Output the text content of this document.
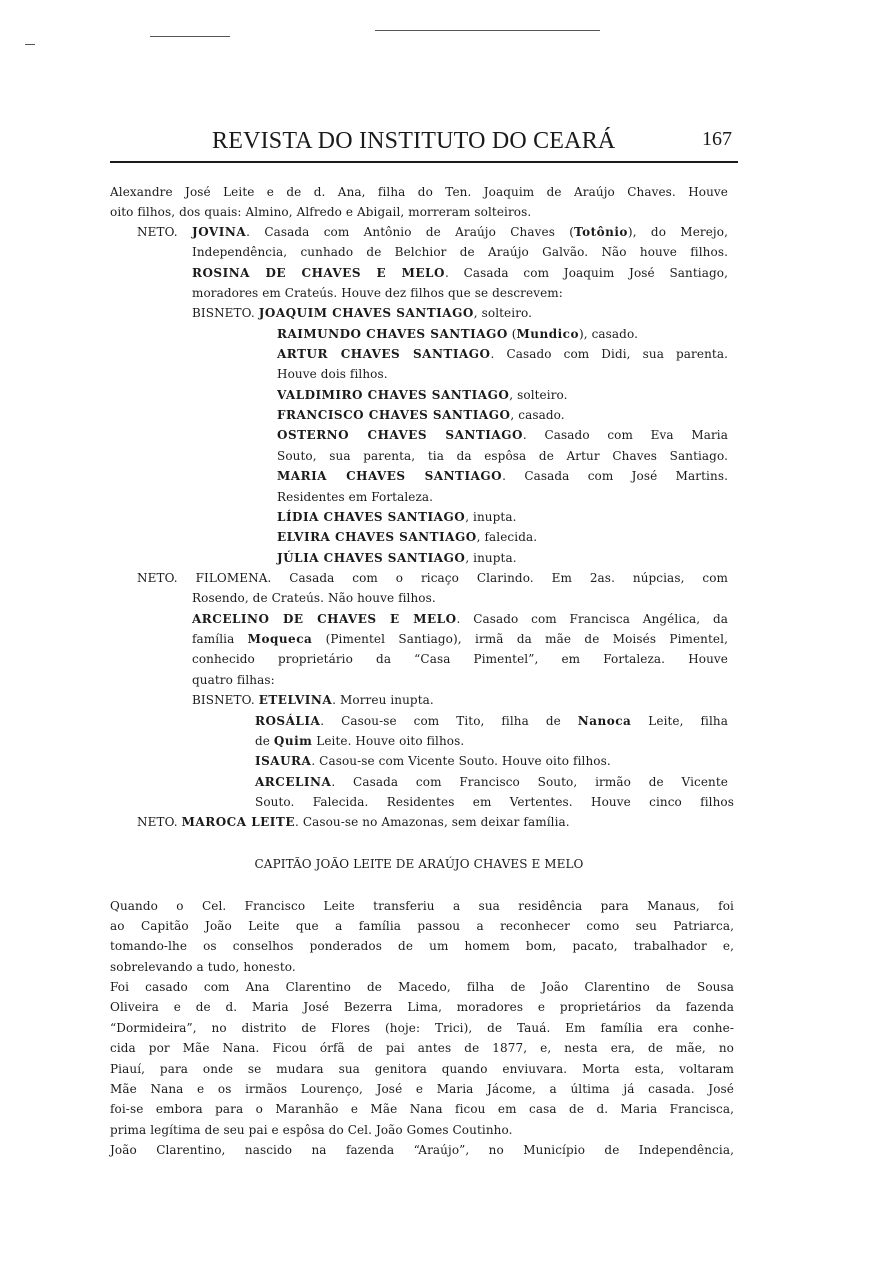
REVISTA DO INSTITUTO DO CEARÁ	167
Alexandre José Leite e de d. Ana, filha do Ten. Joaquim de Araújo Chaves. Houve
oito filhos, dos quais: Almino, Alfredo e Abigail, morreram solteiros.
NETO. JOVINA. Casada com Antônio de Araújo Chaves (Totônio), do Merejo,
Independência, cunhado de Belchior de Araújo Galvão. Não houve filhos.
ROSINA DE CHAVES E MELO. Casada com Joaquim José Santiago,
moradores em Crateús. Houve dez filhos que se descrevem:
BISNETO. JOAQUIM CHAVES SANTIAGO, solteiro.
RAIMUNDO CHAVES SANTIAGO (Mundico), casado.
ARTUR CHAVES SANTIAGO. Casado com Didi, sua parenta.
Houve dois filhos.
VALDIMIRO CHAVES SANTIAGO, solteiro.
FRANCISCO CHAVES SANTIAGO, casado.
OSTERNO CHAVES SANTIAGO. Casado com Eva Maria
Souto, sua parenta, tia da espôsa de Artur Chaves Santiago.
MARIA CHAVES SANTIAGO. Casada com José Martins.
Residentes em Fortaleza.
LÍDIA CHAVES SANTIAGO, inupta.
ELVIRA CHAVES SANTIAGO, falecida.
JÚLIA CHAVES SANTIAGO, inupta.
NETO. FILOMENA. Casada com o ricaço Clarindo. Em 2as. núpcias, com
Rosendo, de Crateús. Não houve filhos.
ARCELINO DE CHAVES E MELO. Casado com Francisca Angélica, da
família Moqueca (Pimentel Santiago), irmã da mãe de Moisés Pimentel,
conhecido proprietário da “Casa Pimentel”, em Fortaleza. Houve
quatro filhas:
BISNETO. ETELVINA. Morreu inupta.
ROSÁLIA. Casou-se com Tito, filha de Nanoca Leite, filha
de Quim Leite. Houve oito filhos.
ISAURA. Casou-se com Vicente Souto. Houve oito filhos.
ARCELINA. Casada com Francisco Souto, irmão de Vicente
Souto. Falecida. Residentes em Vertentes. Houve cinco filhos
NETO. MAROCA LEITE. Casou-se no Amazonas, sem deixar família.
CAPITÃO JOÃO LEITE DE ARAÚJO CHAVES E MELO
Quando o Cel. Francisco Leite transferiu a sua residência para Manaus, foi
ao Capitão João Leite que a família passou a reconhecer como seu Patriarca,
tomando-lhe os conselhos ponderados de um homem bom, pacato, trabalhador e,
sobrelevando a tudo, honesto.
Foi casado com Ana Clarentino de Macedo, filha de João Clarentino de Sousa
Oliveira e de d. Maria José Bezerra Lima, moradores e proprietários da fazenda
“Dormideira”, no distrito de Flores (hoje: Trici), de Tauá. Em família era conhe-
cida por Mãe Nana. Ficou órfã de pai antes de 1877, e, nesta era, de mãe, no
Piauí, para onde se mudara sua genitora quando enviuvara. Morta esta, voltaram
Mãe Nana e os irmãos Lourenço, José e Maria Jácome, a última já casada. José
foi-se embora para o Maranhão e Mãe Nana ficou em casa de d. Maria Francisca,
prima legítima de seu pai e espôsa do Cel. João Gomes Coutinho.
João Clarentino, nascido na fazenda “Araújo”, no Município de Independência,
